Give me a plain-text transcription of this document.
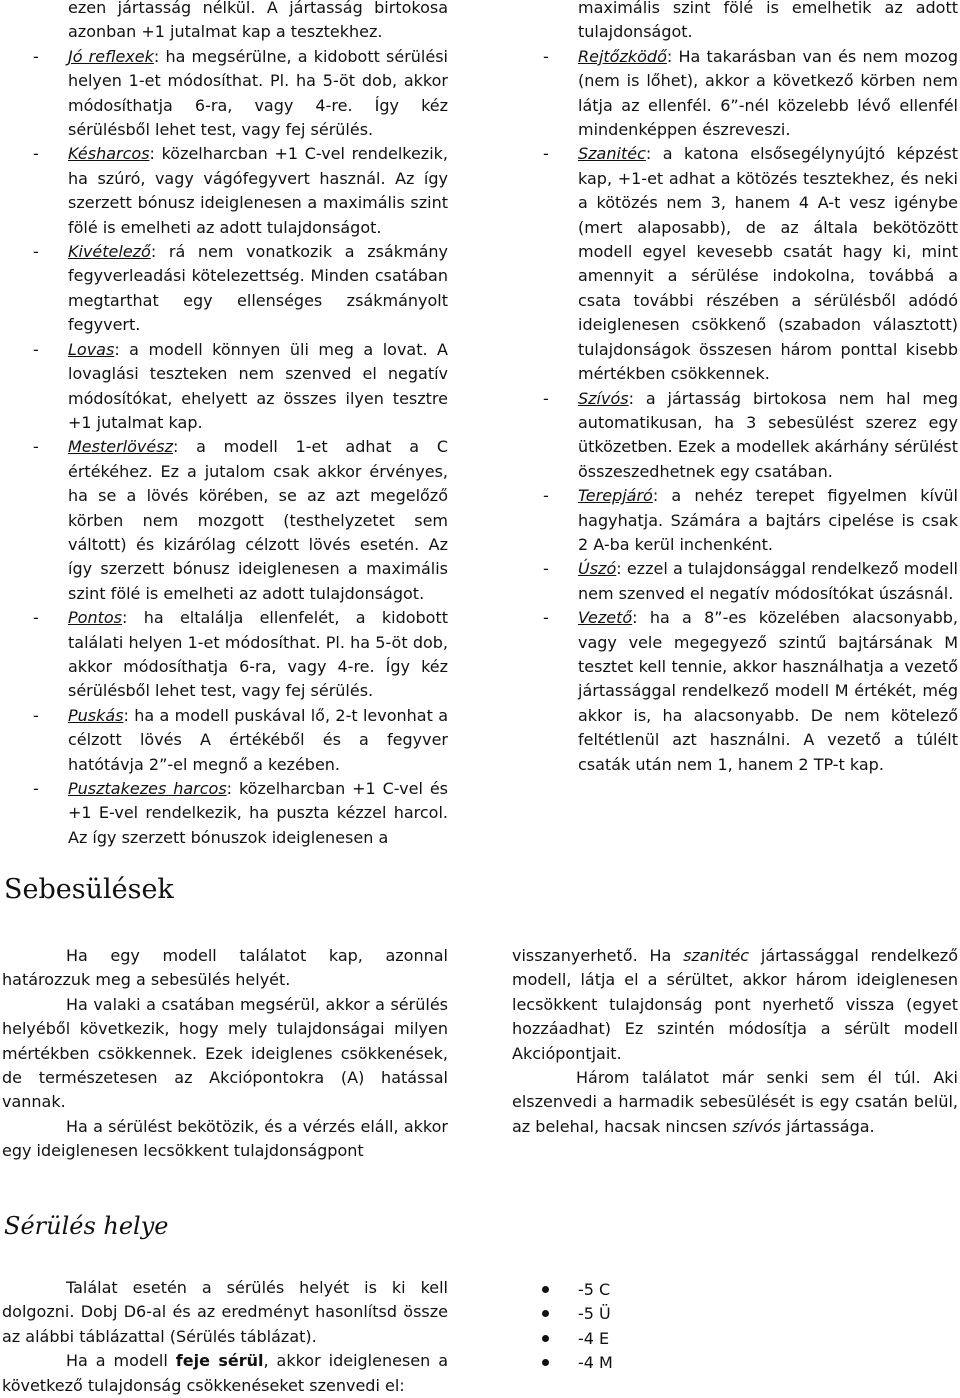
ezen jártasság nélkül. A jártasság birtokosa azonban +1 jutalmat kap a tesztekhez.

- Jó reflexek: ha megsérülne, a kidobott sérülési helyen 1-et módosíthat. Pl. ha 5-öt dob, akkor módosíthatja 6-ra, vagy 4-re. Így kéz sérülésből lehet test, vagy fej sérülés.

- Késharcos: közelharcban +1 C-vel rendelkezik, ha szúró, vagy vágófegyvert használ. Az így szerzett bónusz ideiglenesen a maximális szint fölé is emelheti az adott tulajdonságot.

- Kivételező: rá nem vonatkozik a zsákmány fegyverleadási kötelezettség. Minden csatában megtarthat egy ellenséges zsákmányolt fegyvert.

- Lovas: a modell könnyen üli meg a lovat. A lovaglási teszteken nem szenved el negatív módosítókat, ehelyett az összes ilyen tesztre +1 jutalmat kap.

- Mesterlövész: a modell 1-et adhat a C értékéhez. Ez a jutalom csak akkor érvényes, ha se a lövés körében, se az azt megelőző körben nem mozgott (testhelyzetet sem váltott) és kizárólag célzott lövés esetén. Az így szerzett bónusz ideiglenesen a maximális szint fölé is emelheti az adott tulajdonságot.

- Pontos: ha eltalálja ellenfelét, a kidobott találati helyen 1-et módosíthat. Pl. ha 5-öt dob, akkor módosíthatja 6-ra, vagy 4-re. Így kéz sérülésből lehet test, vagy fej sérülés.

- Puskás: ha a modell puskával lő, 2-t levonhat a célzott lövés A értékéből és a fegyver hatótávja 2”-el megnő a kezében.

- Pusztakezes harcos: közelharcban +1 C-vel és +1 E-vel rendelkezik, ha puszta kézzel harcol. Az így szerzett bónuszok ideiglenesen a

maximális szint fölé is emelhetik az adott tulajdonságot.

- Rejtőzködő: Ha takarásban van és nem mozog (nem is lőhet), akkor a következő körben nem látja az ellenfél. 6”-nél közelebb lévő ellenfél mindenképpen észreveszi.

- Szanitéc: a katona elsősegélynyújtó képzést kap, +1-et adhat a kötözés tesztekhez, és neki a kötözés nem 3, hanem 4 A-t vesz igénybe (mert alaposabb), de az általa bekötözött modell egyel kevesebb csatát hagy ki, mint amennyit a sérülése indokolna, továbbá a csata további részében a sérülésből adódó ideiglenesen csökkenő (szabadon választott) tulajdonságok összesen három ponttal kisebb mértékben csökkennek.

- Szívós: a jártasság birtokosa nem hal meg automatikusan, ha 3 sebesülést szerez egy ütközetben. Ezek a modellek akárhány sérülést összeszedhetnek egy csatában.

- Terepjáró: a nehéz terepet figyelmen kívül hagyhatja. Számára a bajtárs cipelése is csak 2 A-ba kerül inchenként.

- Úszó: ezzel a tulajdonsággal rendelkező modell nem szenved el negatív módosítókat úszásnál.

- Vezető: ha a 8”-es közelében alacsonyabb, vagy vele megegyező szintű bajtársának M tesztet kell tennie, akkor használhatja a vezető jártassággal rendelkező modell M értékét, még akkor is, ha alacsonyabb. De nem kötelező feltétlenül azt használni. A vezető a túlélt csaták után nem 1, hanem 2 TP-t kap.

Sebesülések

Ha egy modell találatot kap, azonnal határozzuk meg a sebesülés helyét.

Ha valaki a csatában megsérül, akkor a sérülés helyéből következik, hogy mely tulajdonságai milyen mértékben csökkennek. Ezek ideiglenes csökkenések, de természetesen az Akciópontokra (A) hatással vannak.

Ha a sérülést bekötözik, és a vérzés eláll, akkor egy ideiglenesen lecsökkent tulajdonságpont

visszanyerhető. Ha szanitéc jártassággal rendelkező modell, látja el a sérültet, akkor három ideiglenesen lecsökkent tulajdonság pont nyerhető vissza (egyet hozzáadhat) Ez szintén módosítja a sérült modell Akciópontjait.

Három találatot már senki sem él túl. Aki elszenvedi a harmadik sebesülését is egy csatán belül, az belehal, hacsak nincsen szívós jártassága.

Sérülés helye

Találat esetén a sérülés helyét is ki kell dolgozni. Dobj D6-al és az eredményt hasonlítsd össze az alábbi táblázattal (Sérülés táblázat).

Ha a modell feje sérül, akkor ideiglenesen a következő tulajdonság csökkenéseket szenvedi el:

-5 C
-5 Ü
-4 E
-4 M
